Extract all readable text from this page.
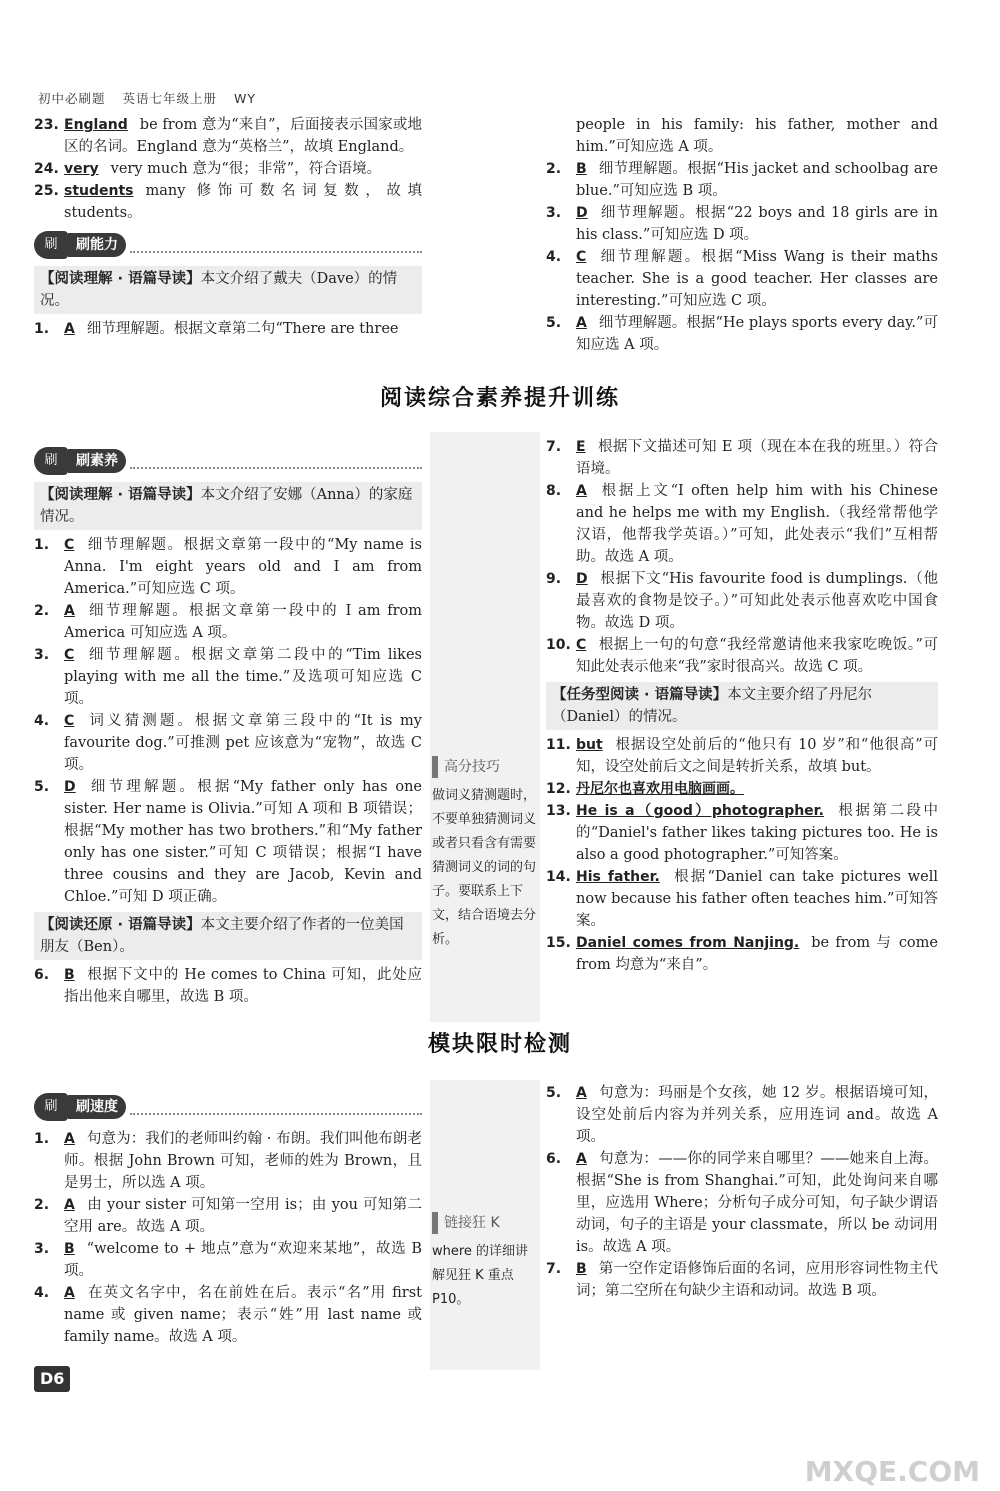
初中必刷题 英语七年级上册 WY

23. England be from 意为“来自”，后面接表示国家或地区的名词。England 意为“英格兰”，故填 England。

24. very very much 意为“很；非常”，符合语境。

25. students many 修饰可数名词复数，故填 students。

刷	刷能力
【阅读理解 · 语篇导读】本文介绍了戴夫（Dave）的情况。

1. A 细节理解题。根据文章第二句“There are three

people in his family: his father, mother and him.”可知应选 A 项。

2. B 细节理解题。根据“His jacket and schoolbag are blue.”可知应选 B 项。

3. D 细节理解题。根据“22 boys and 18 girls are in his class.”可知应选 D 项。

4. C 细节理解题。根据“Miss Wang is their maths teacher. She is a good teacher. Her classes are interesting.”可知应选 C 项。

5. A 细节理解题。根据“He plays sports every day.”可知应选 A 项。

阅读综合素养提升训练
刷	刷素养
【阅读理解 · 语篇导读】本文介绍了安娜（Anna）的家庭情况。

1. C 细节理解题。根据文章第一段中的“My name is Anna. I'm eight years old and I am from America.”可知应选 C 项。

2. A 细节理解题。根据文章第一段中的 I am from America 可知应选 A 项。

3. C 细节理解题。根据文章第二段中的“Tim likes playing with me all the time.”及选项可知应选 C 项。

4. C 词义猜测题。根据文章第三段中的“It is my favourite dog.”可推测 pet 应该意为“宠物”，故选 C 项。

5. D 细节理解题。根据“My father only has one sister. Her name is Olivia.”可知 A 项和 B 项错误；根据“My mother has two brothers.”和“My father only has one sister.”可知 C 项错误；根据“I have three cousins and they are Jacob, Kevin and Chloe.”可知 D 项正确。

【阅读还原 · 语篇导读】本文主要介绍了作者的一位美国朋友（Ben）。

6. B 根据下文中的 He comes to China 可知，此处应指出他来自哪里，故选 B 项。

高分技巧
做词义猜测题时，不要单独猜测词义或者只看含有需要猜测词义的词的句子。要联系上下文，结合语境去分析。

7. E 根据下文描述可知 E 项（现在本在我的班里。）符合语境。

8. A 根据上文“I often help him with his Chinese and he helps me with my English.（我经常帮他学汉语，他帮我学英语。）”可知，此处表示“我们”互相帮助。故选 A 项。

9. D 根据下文“His favourite food is dumplings.（他最喜欢的食物是饺子。）”可知此处表示他喜欢吃中国食物。故选 D 项。

10. C 根据上一句的句意“我经常邀请他来我家吃晚饭。”可知此处表示他来“我”家时很高兴。故选 C 项。

【任务型阅读 · 语篇导读】本文主要介绍了丹尼尔（Daniel）的情况。

11. but 根据设空处前后的“他只有 10 岁”和“他很高”可知，设空处前后文之间是转折关系，故填 but。

12. 丹尼尔也喜欢用电脑画画。

13. He is a（good）photographer. 根据第二段中的“Daniel's father likes taking pictures too. He is also a good photographer.”可知答案。

14. His father. 根据“Daniel can take pictures well now because his father often teaches him.”可知答案。

15. Daniel comes from Nanjing. be from 与 come from 均意为“来自”。

模块限时检测
刷	刷速度

1. A 句意为：我们的老师叫约翰 · 布朗。我们叫他布朗老师。根据 John Brown 可知，老师的姓为 Brown，且是男士，所以选 A 项。

2. A 由 your sister 可知第一空用 is；由 you 可知第二空用 are。故选 A 项。

3. B “welcome to + 地点”意为“欢迎来某地”，故选 B 项。

4. A 在英文名字中，名在前姓在后。表示“名”用 first name 或 given name；表示“姓”用 last name 或 family name。故选 A 项。

链接狂 K
where 的详细讲解见狂 K 重点 P10。

5. A 句意为：玛丽是个女孩，她 12 岁。根据语境可知，设空处前后内容为并列关系，应用连词 and。故选 A 项。

6. A 句意为：——你的同学来自哪里？——她来自上海。根据“She is from Shanghai.”可知，此处询问来自哪里，应选用 Where；分析句子成分可知，句子缺少谓语动词，句子的主语是 your classmate，所以 be 动词用 is。故选 A 项。

7. B 第一空作定语修饰后面的名词，应用形容词性物主代词；第二空所在句缺少主语和动词。故选 B 项。

D6
MXQE.COM
